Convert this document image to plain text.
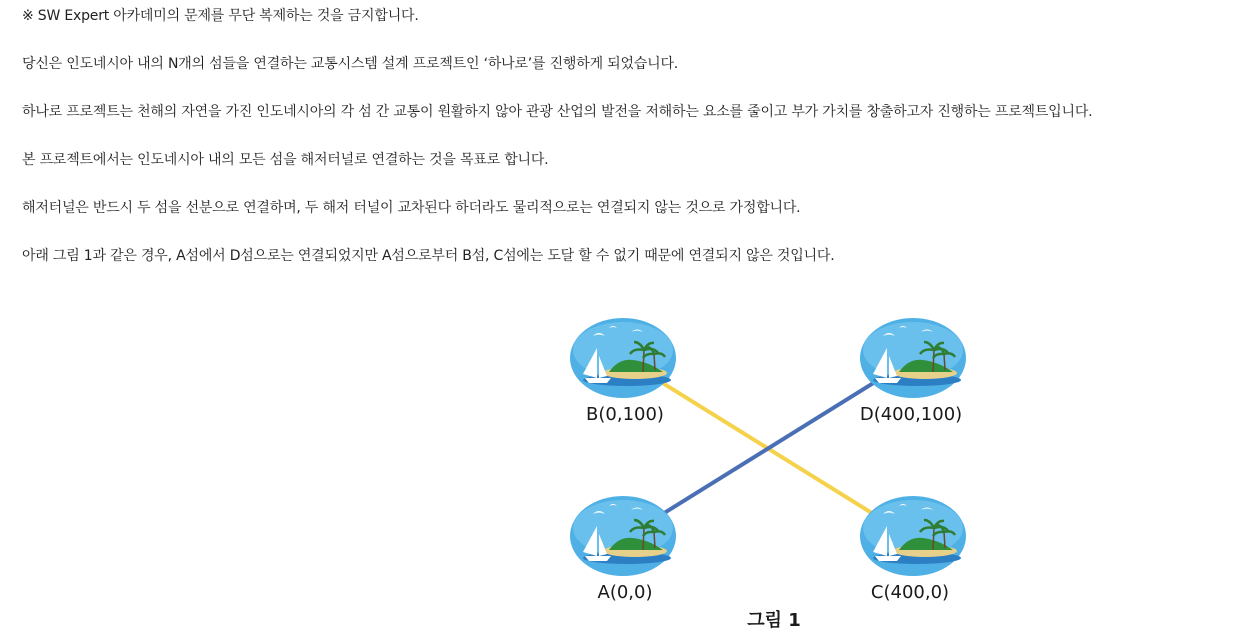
※ SW Expert 아카데미의 문제를 무단 복제하는 것을 금지합니다.

당신은 인도네시아 내의 N개의 섬들을 연결하는 교통시스템 설계 프로젝트인 ‘하나로’를 진행하게 되었습니다.

하나로 프로젝트는 천해의 자연을 가진 인도네시아의 각 섬 간 교통이 원활하지 않아 관광 산업의 발전을 저해하는 요소를 줄이고 부가 가치를 창출하고자 진행하는 프로젝트입니다.

본 프로젝트에서는 인도네시아 내의 모든 섬을 해저터널로 연결하는 것을 목표로 합니다.

해저터널은 반드시 두 섬을 선분으로 연결하며, 두 해저 터널이 교차된다 하더라도 물리적으로는 연결되지 않는 것으로 가정합니다.

아래 그림 1과 같은 경우, A섬에서 D섬으로는 연결되었지만 A섬으로부터 B섬, C섬에는 도달 할 수 없기 때문에 연결되지 않은 것입니다.

B(0,100)	D(400,100)
A(0,0)	C(400,0)
그림 1
